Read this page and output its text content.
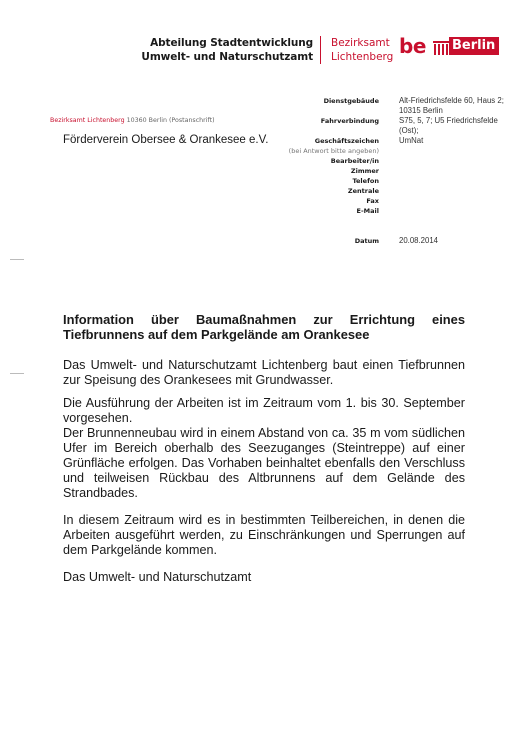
Abteilung Stadtentwicklung
Umwelt- und Naturschutzamt
Bezirksamt
Lichtenberg be Berlin
Bezirksamt Lichtenberg 10360 Berlin (Postanschrift)
Förderverein Obersee & Orankesee e.V.
Dienstgebäude
Fahrverbindung
Geschäftszeichen
(bei Antwort bitte angeben)
Bearbeiter/in
Zimmer
Telefon
Zentrale
Fax
E-Mail
Datum
Alt-Friedrichsfelde 60, Haus 2;
10315 Berlin
S75, 5, 7; U5 Friedrichsfelde
(Ost);
UmNat
20.08.2014
Information über Baumaßnahmen zur Errichtung eines Tiefbrunnens auf dem Parkgelände am Orankesee

Das Umwelt- und Naturschutzamt Lichtenberg baut einen Tiefbrunnen zur Speisung des Orankesees mit Grundwasser.

Die Ausführung der Arbeiten ist im Zeitraum vom 1. bis 30. September vorgesehen.

Der Brunnenneubau wird in einem Abstand von ca. 35 m vom südlichen Ufer im Bereich oberhalb des Seezuganges (Steintreppe) auf einer Grünfläche erfolgen. Das Vorhaben beinhaltet ebenfalls den Verschluss und teilweisen Rückbau des Altbrunnens auf dem Gelände des Strandbades.

In diesem Zeitraum wird es in bestimmten Teilbereichen, in denen die Arbeiten ausgeführt werden, zu Einschränkungen und Sperrungen auf dem Parkgelände kommen.

Das Umwelt- und Naturschutzamt
